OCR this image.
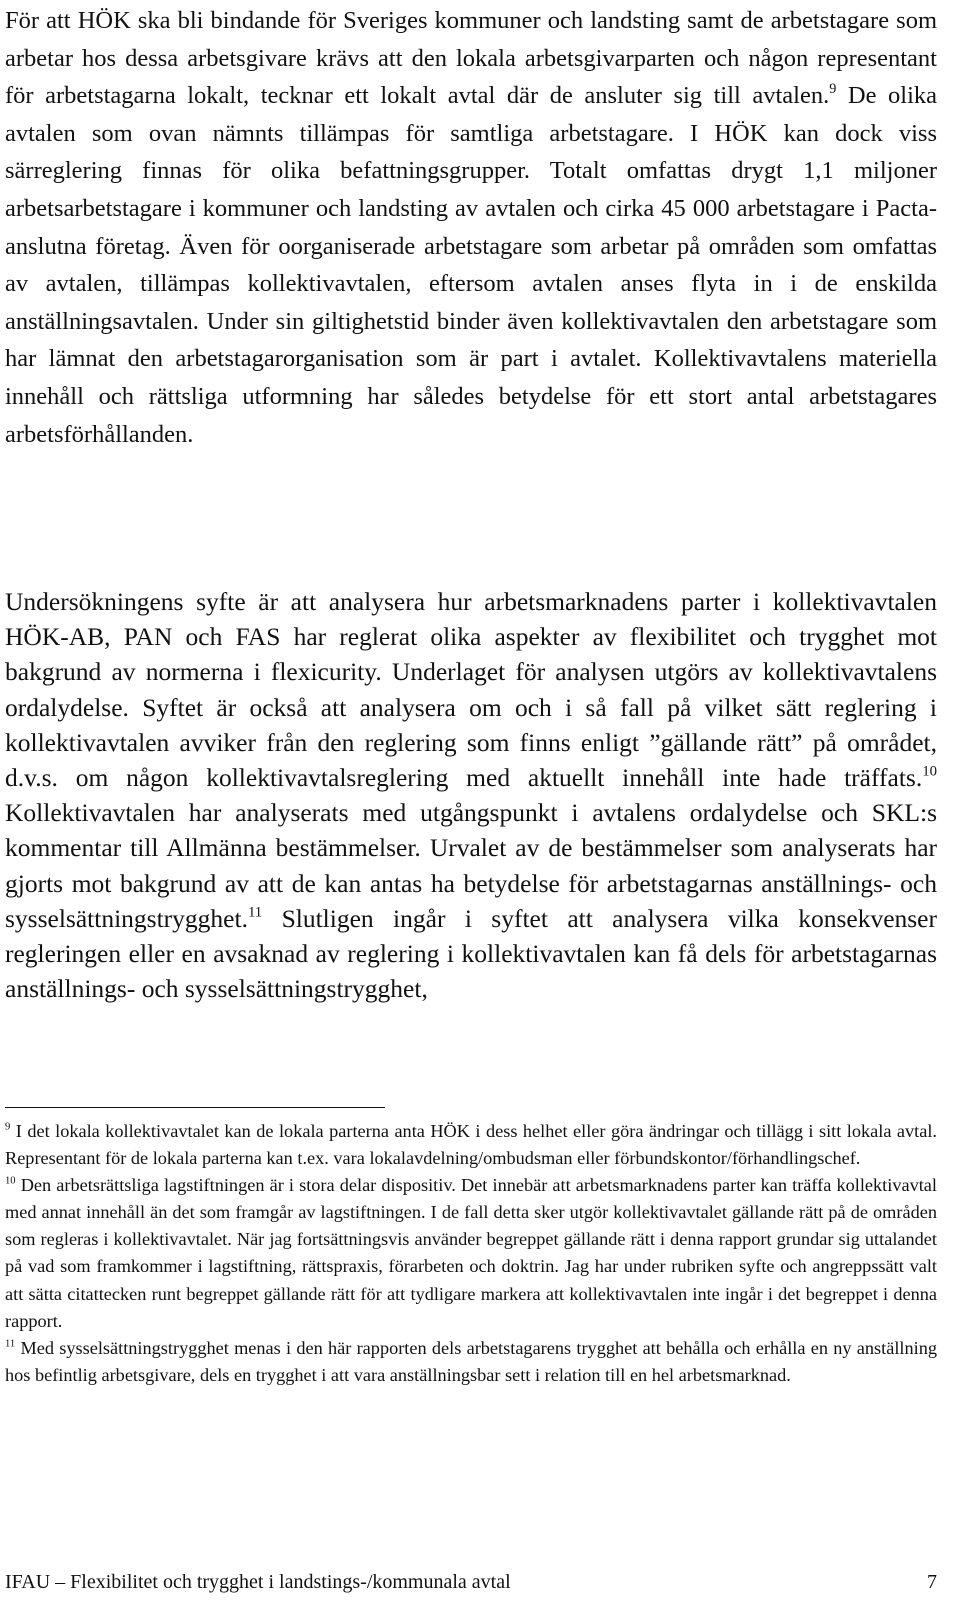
För att HÖK ska bli bindande för Sveriges kommuner och landsting samt de arbetstagare som arbetar hos dessa arbetsgivare krävs att den lokala arbetsgivarparten och någon representant för arbetstagarna lokalt, tecknar ett lokalt avtal där de ansluter sig till avtalen.$^9$ De olika avtalen som ovan nämnts tillämpas för samtliga arbetstagare. I HÖK kan dock viss särreglering finnas för olika befattningsgrupper. Totalt omfattas drygt 1,1 miljoner arbetsarbetstagare i kommuner och landsting av avtalen och cirka 45 000 arbetstagare i Pactaanslutna företag. Även för oorganiserade arbetstagare som arbetar på områden som omfattas av avtalen, tillämpas kollektivavtalen, eftersom avtalen anses flyta in i de enskilda anställningsavtalen. Under sin giltighetstid binder även kollektivavtalen den arbetstagare som har lämnat den arbetstagarorganisation som är part i avtalet. Kollektivavtalens materiella innehåll och rättsliga utformning har således betydelse för ett stort antal arbetstagares arbetsförhållanden.

Undersökningens syfte är att analysera hur arbetsmarknadens parter i kollektivavtalen HÖK-AB, PAN och FAS har reglerat olika aspekter av flexibilitet och trygghet mot bakgrund av normerna i flexicurity. Underlaget för analysen utgörs av kollektivavtalens ordalydelse. Syftet är också att analysera om och i så fall på vilket sätt reglering i kollektivavtalen avviker från den reglering som finns enligt ”gällande rätt” på området, d.v.s. om någon kollektivavtalsreglering med aktuellt innehåll inte hade träffats.$^{10}$ Kollektivavtalen har analyserats med utgångspunkt i avtalens ordalydelse och SKL:s kommentar till Allmänna bestämmelser. Urvalet av de bestämmelser som analyserats har gjorts mot bakgrund av att de kan antas ha betydelse för arbetstagarnas anställnings- och sysselsättningstrygghet.$^{11}$ Slutligen ingår i syftet att analysera vilka konsekvenser regleringen eller en avsaknad av reglering i kollektivavtalen kan få dels för arbetstagarnas anställnings- och sysselsättningstrygghet,

$^9$ I det lokala kollektivavtalet kan de lokala parterna anta HÖK i dess helhet eller göra ändringar och tillägg i sitt lokala avtal. Representant för de lokala parterna kan t.ex. vara lokalavdelning/ombudsman eller förbundskontor/förhandlingschef.

$^{10}$ Den arbetsrättsliga lagstiftningen är i stora delar dispositiv. Det innebär att arbetsmarknadens parter kan träffa kollektivavtal med annat innehåll än det som framgår av lagstiftningen. I de fall detta sker utgör kollektivavtalet gällande rätt på de områden som regleras i kollektivavtalet. När jag fortsättningsvis använder begreppet gällande rätt i denna rapport grundar sig uttalandet på vad som framkommer i lagstiftning, rättspraxis, förarbeten och doktrin. Jag har under rubriken syfte och angreppssätt valt att sätta citattecken runt begreppet gällande rätt för att tydligare markera att kollektivavtalen inte ingår i det begreppet i denna rapport.

$^{11}$ Med sysselsättningstrygghet menas i den här rapporten dels arbetstagarens trygghet att behålla och erhålla en ny anställning hos befintlig arbetsgivare, dels en trygghet i att vara anställningsbar sett i relation till en hel arbetsmarknad.

IFAU – Flexibilitet och trygghet i landstings-/kommunala avtal	7
